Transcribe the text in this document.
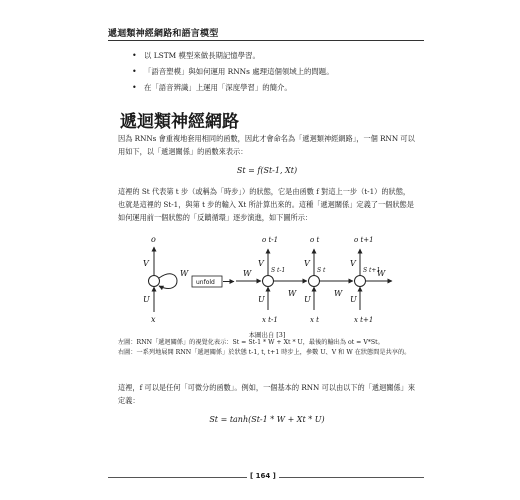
遞迴類神經網路和語言模型
• 以 LSTM 模型來做長期記憶學習。
• 「語音塑模」與如何運用 RNNs 處理這個領域上的問題。
• 在「語音辨識」上運用「深度學習」的簡介。
遞迴類神經網路

因為 RNNs 會重複地套用相同的函數，因此才會命名為「遞迴類神經網路」，一個 RNN 可以用如下，以「遞迴關係」的函數來表示：

St = f(St-1, Xt)

這裡的 St 代表第 t 步（或稱為「時步」）的狀態，它是由函數 f 對這上一步（t-1）的狀態，也就是這裡的 St-1，與第 t 步的輸入 Xt 所計算出來的。這種「遞迴關係」定義了一個狀態是如何運用前一個狀態的「反饋循環」逐步演進，如下圖所示：

o
x
V
U
W
unfold
W
W	W
W
V	V	V
U	U	U
o t-1	o t	o t+1
S t-1	S t	S t+1
x t-1	x t	x t+1
本圖出自 [3]

左圖：RNN「遞迴關係」的視覺化表示：St = St-1 * W + Xt * U，最後的輸出為 ot = V*St。

右圖：一系列地展開 RNN「遞迴關係」於狀態 t-1, t, t+1 時步上，參數 U、V 和 W 在狀態間是共享的。

這裡，f 可以是任何「可微分的函數」。例如，一個基本的 RNN 可以由以下的「遞迴關係」來定義：

St = tanh(St-1 * W + Xt * U)
[ 164 ]
